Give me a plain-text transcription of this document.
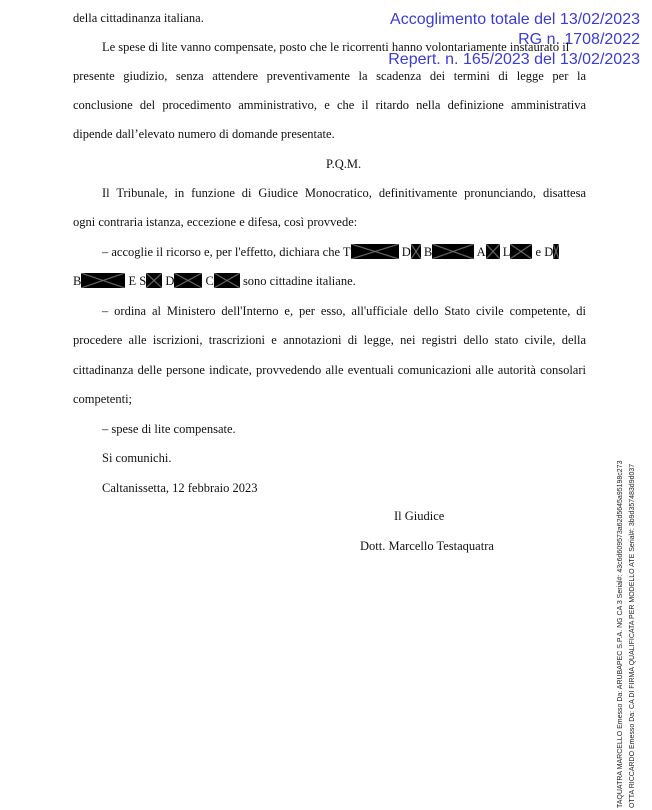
Accoglimento totale del 13/02/2023
RG n. 1708/2022
Repert. n. 165/2023 del 13/02/2023
della cittadinanza italiana.
Le spese di lite vanno compensate, posto che le ricorrenti hanno volontariamente instaurato il
presente giudizio, senza attendere preventivamente la scadenza dei termini di legge per la
conclusione del procedimento amministrativo, e che il ritardo nella definizione amministrativa
dipende dall’elevato numero di domande presentate.
P.Q.M.
Il Tribunale, in funzione di Giudice Monocratico, definitivamente pronunciando, disattesa
ogni contraria istanza, eccezione e difesa, così provvede:
– accoglie il ricorso e, per l'effetto, dichiara che T	D B	A L e D
B	E S D C sono cittadine italiane.
– ordina al Ministero dell'Interno e, per esso, all'ufficiale dello Stato civile competente, di
procedere alle iscrizioni, trascrizioni e annotazioni di legge, nei registri dello stato civile, della
cittadinanza delle persone indicate, provvedendo alle eventuali comunicazioni alle autorità consolari
competenti;
– spese di lite compensate.
Si comunichi.
Caltanissetta, 12 febbraio 2023
Il Giudice
Dott. Marcello Testaquatra	TAQUATRA MARCELLO Emesso Da: ARUBAPEC S.P.A. NG CA 3 Serial#: 43c6d609573a62d5645a95198c273 OTTA RICCARDO Emesso Da: CA DI FIRMA QUALIFICATA PER MODELLO ATE Serial#: 3b9d357483d9d037
